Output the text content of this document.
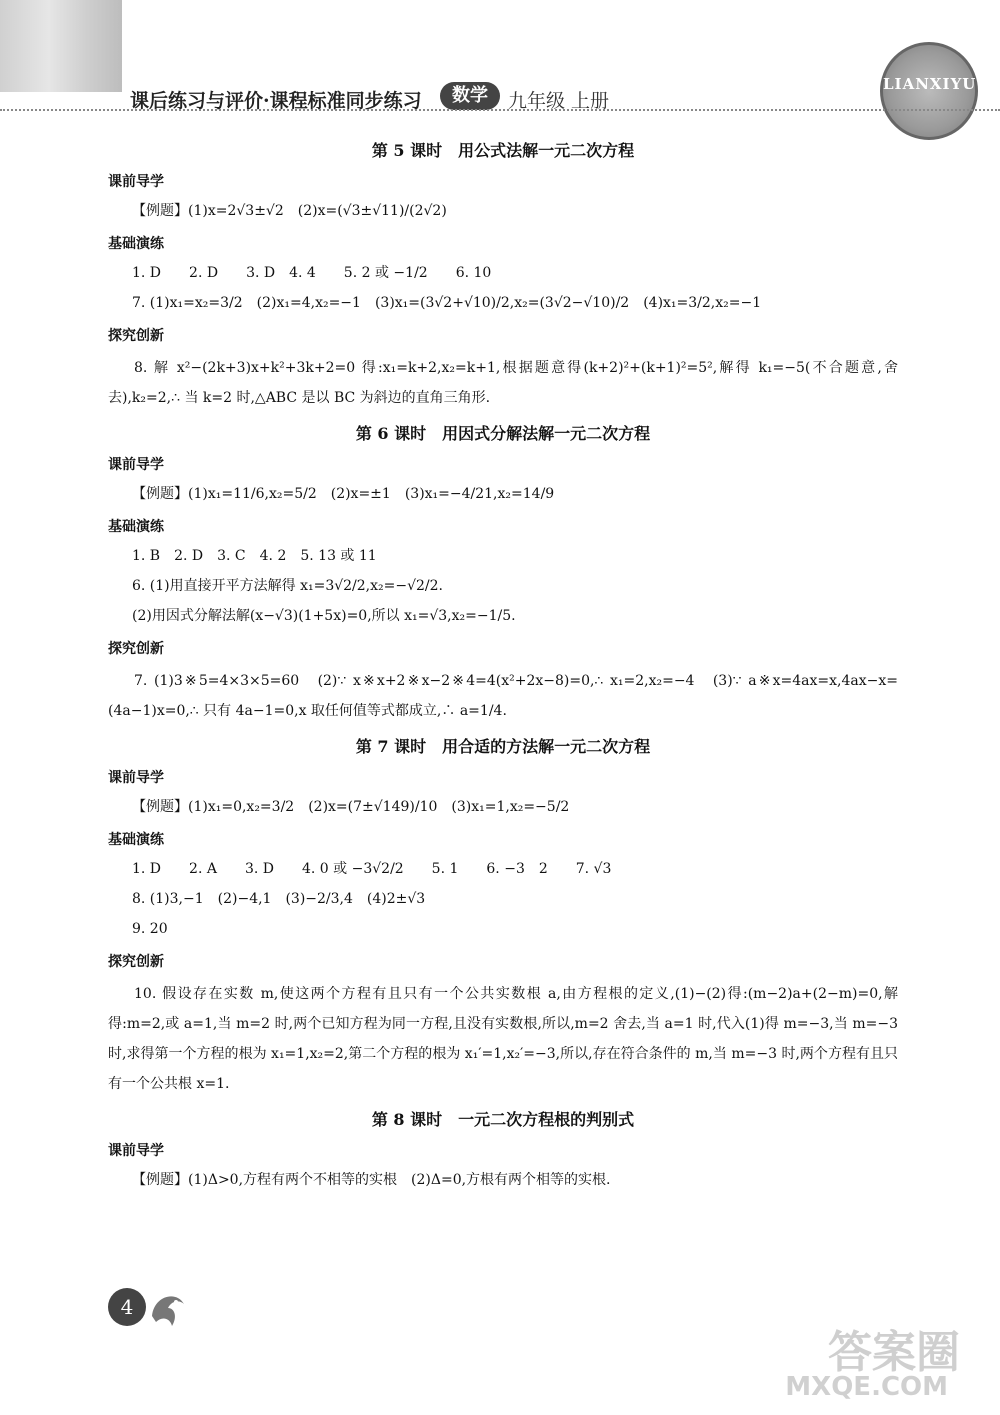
LIANXIYU
课后练习与评价·课程标准同步练习	数学	九年级 上册
第 5 课时　用公式法解一元二次方程
课前导学
【例题】(1)x=2√3±√2　(2)x=(√3±√11)/(2√2)
基础演练
1. D　　2. D　　3. D　4. 4　　5. 2 或 −1/2　　6. 10
7. (1)x₁=x₂=3/2　(2)x₁=4,x₂=−1　(3)x₁=(3√2+√10)/2,x₂=(3√2−√10)/2　(4)x₁=3/2,x₂=−1
探究创新
8. 解 x²−(2k+3)x+k²+3k+2=0 得:x₁=k+2,x₂=k+1,根据题意得(k+2)²+(k+1)²=5²,解得 k₁=−5(不合题意,舍去),k₂=2,∴ 当 k=2 时,△ABC 是以 BC 为斜边的直角三角形.
第 6 课时　用因式分解法解一元二次方程
课前导学
【例题】(1)x₁=11/6,x₂=5/2　(2)x=±1　(3)x₁=−4/21,x₂=14/9
基础演练
1. B　2. D　3. C　4. 2　5. 13 或 11
6. (1)用直接开平方法解得 x₁=3√2/2,x₂=−√2/2.
(2)用因式分解法解(x−√3)(1+5x)=0,所以 x₁=√3,x₂=−1/5.
探究创新
7. (1)3※5=4×3×5=60　(2)∵ x※x+2※x−2※4=4(x²+2x−8)=0,∴ x₁=2,x₂=−4　(3)∵ a※x=4ax=x,4ax−x=(4a−1)x=0,∴ 只有 4a−1=0,x 取任何值等式都成立,∴ a=1/4.
第 7 课时　用合适的方法解一元二次方程
课前导学
【例题】(1)x₁=0,x₂=3/2　(2)x=(7±√149)/10　(3)x₁=1,x₂=−5/2
基础演练
1. D　　2. A　　3. D　　4. 0 或 −3√2/2　　5. 1　　6. −3　2　　7. √3
8. (1)3,−1　(2)−4,1　(3)−2/3,4　(4)2±√3
9. 20
探究创新
10. 假设存在实数 m,使这两个方程有且只有一个公共实数根 a,由方程根的定义,(1)−(2)得:(m−2)a+(2−m)=0,解得:m=2,或 a=1,当 m=2 时,两个已知方程为同一方程,且没有实数根,所以,m=2 舍去,当 a=1 时,代入(1)得 m=−3,当 m=−3 时,求得第一个方程的根为 x₁=1,x₂=2,第二个方程的根为 x₁′=1,x₂′=−3,所以,存在符合条件的 m,当 m=−3 时,两个方程有且只有一个公共根 x=1.
第 8 课时　一元二次方程根的判别式
课前导学
【例题】(1)Δ>0,方程有两个不相等的实根　(2)Δ=0,方根有两个相等的实根.
4
答案圈
MXQE.COM
